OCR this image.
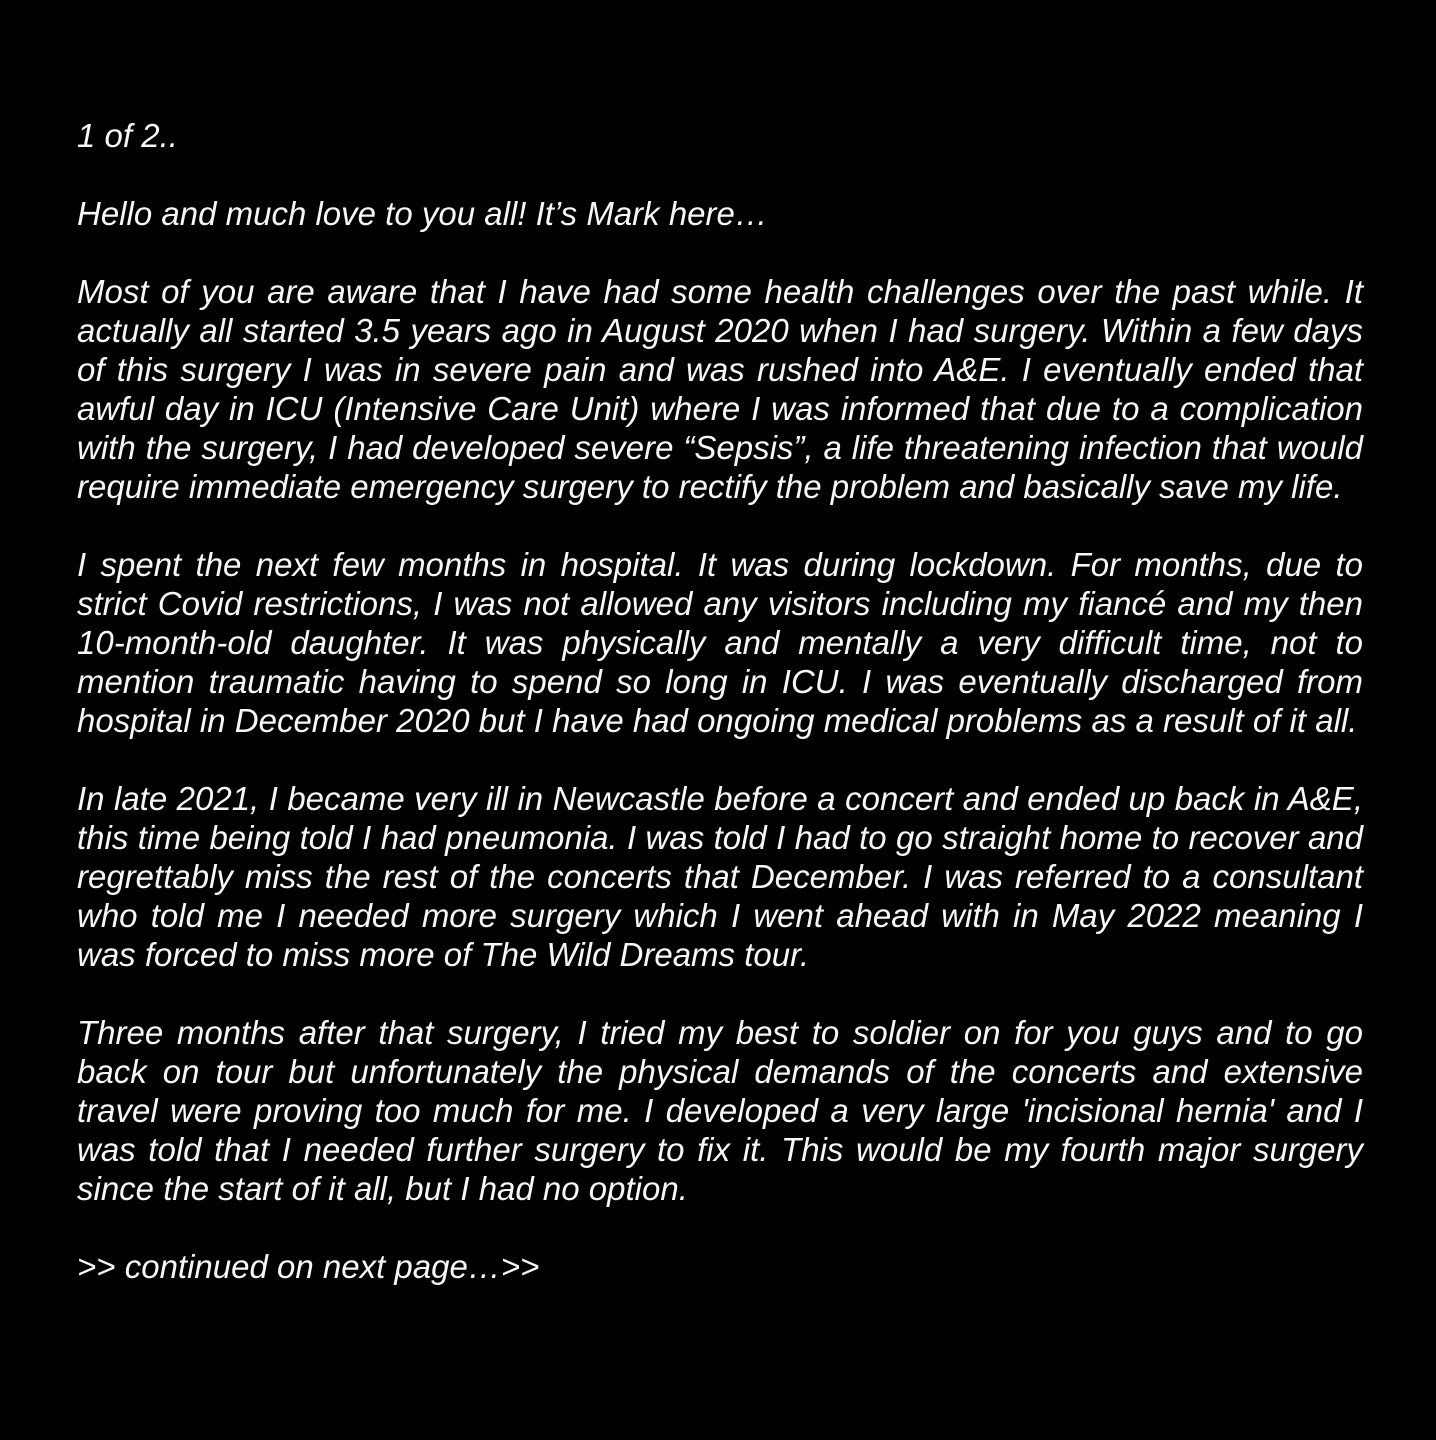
1 of 2..

Hello and much love to you all! It’s Mark here…

Most of you are aware that I have had some health challenges over the past while. It actually all started 3.5 years ago in August 2020 when I had surgery. Within a few days of this surgery I was in severe pain and was rushed into A&E. I eventually ended that awful day in ICU (Intensive Care Unit) where I was informed that due to a complication with the surgery, I had developed severe “Sepsis”, a life threatening infection that would require immediate emergency surgery to rectify the problem and basically save my life.

I spent the next few months in hospital. It was during lockdown. For months, due to strict Covid restrictions, I was not allowed any visitors including my fiancé and my then 10-month-old daughter. It was physically and mentally a very difficult time, not to mention traumatic having to spend so long in ICU. I was eventually discharged from hospital in December 2020 but I have had ongoing medical problems as a result of it all.

In late 2021, I became very ill in Newcastle before a concert and ended up back in A&E, this time being told I had pneumonia. I was told I had to go straight home to recover and regrettably miss the rest of the concerts that December. I was referred to a consultant who told me I needed more surgery which I went ahead with in May 2022 meaning I was forced to miss more of The Wild Dreams tour.

Three months after that surgery, I tried my best to soldier on for you guys and to go back on tour but unfortunately the physical demands of the concerts and extensive travel were proving too much for me. I developed a very large 'incisional hernia' and I was told that I needed further surgery to fix it. This would be my fourth major surgery since the start of it all, but I had no option.

>> continued on next page…>>
